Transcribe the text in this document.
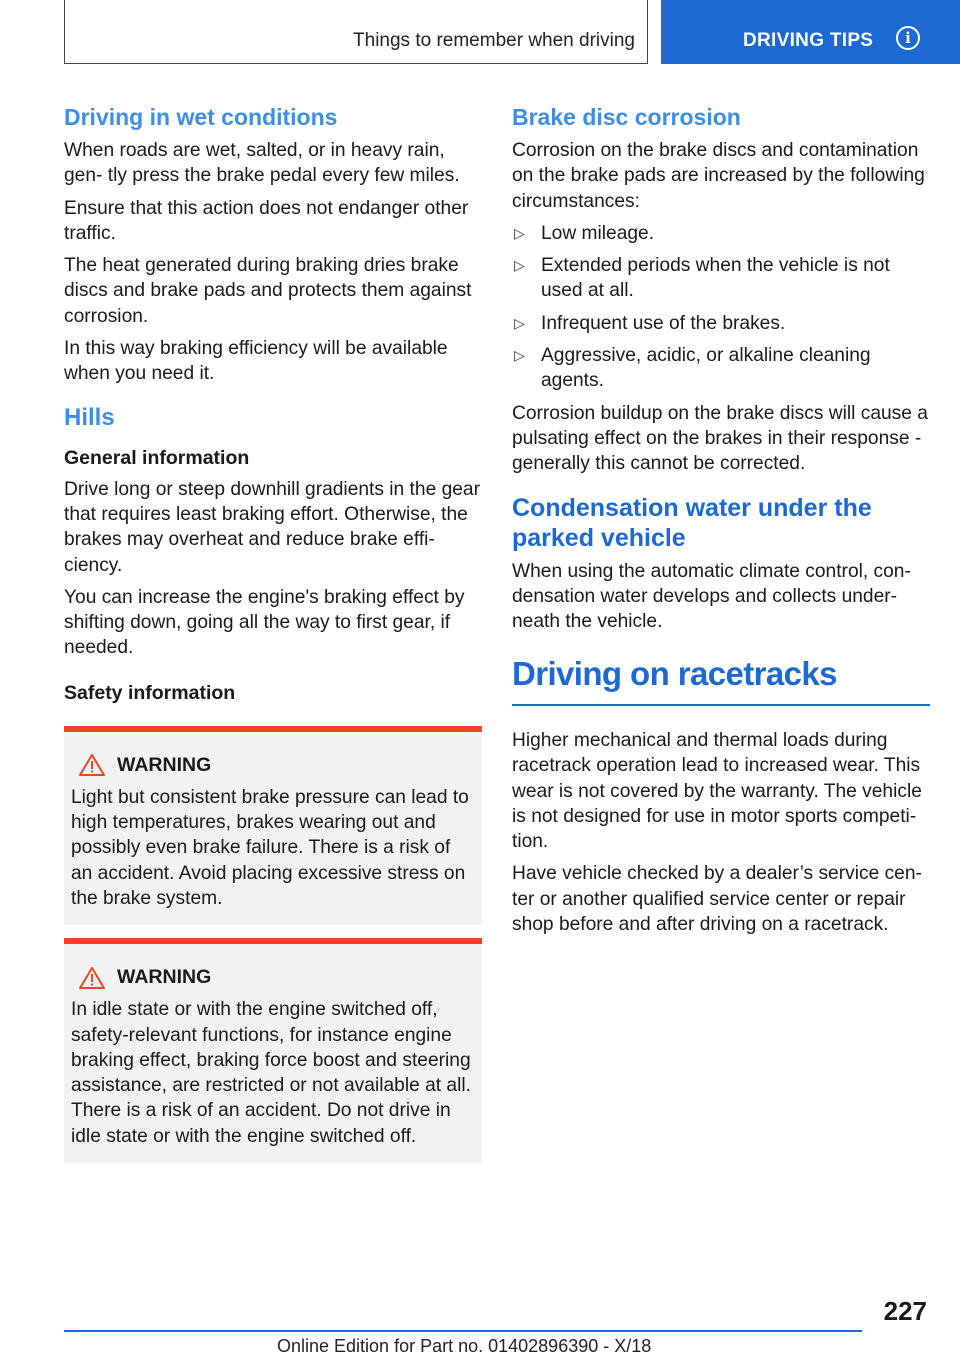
Things to remember when driving	DRIVING TIPS	i
Driving in wet conditions

When roads are wet, salted, or in heavy rain, gen‐ tly press the brake pedal every few miles.

Ensure that this action does not endanger other traffic.

The heat generated during braking dries brake discs and brake pads and protects them against corrosion.

In this way braking efficiency will be available when you need it.

Hills
General information

Drive long or steep downhill gradients in the gear that requires least braking effort. Otherwise, the brakes may overheat and reduce brake effi‐ ciency.

You can increase the engine's braking effect by shifting down, going all the way to first gear, if needed.

Safety information
WARNING

Light but consistent brake pressure can lead to high temperatures, brakes wearing out and possibly even brake failure. There is a risk of an accident. Avoid placing excessive stress on the brake system.

WARNING

In idle state or with the engine switched off, safety-relevant functions, for instance engine braking effect, braking force boost and steering assistance, are restricted or not available at all. There is a risk of an accident. Do not drive in idle state or with the engine switched off.

Brake disc corrosion

Corrosion on the brake discs and contamination on the brake pads are increased by the following circumstances:

▷ Low mileage.
▷ Extended periods when the vehicle is not used at all.
▷ Infrequent use of the brakes.
▷ Aggressive, acidic, or alkaline cleaning agents.

Corrosion buildup on the brake discs will cause a pulsating effect on the brakes in their response ‐ generally this cannot be corrected.

Condensation water under the parked vehicle

When using the automatic climate control, con‐ densation water develops and collects under‐ neath the vehicle.

Driving on racetracks

Higher mechanical and thermal loads during racetrack operation lead to increased wear. This wear is not covered by the warranty. The vehicle is not designed for use in motor sports competi‐ tion.

Have vehicle checked by a dealer’s service cen‐ ter or another qualified service center or repair shop before and after driving on a racetrack.

227
Online Edition for Part no. 01402896390 - X/18
